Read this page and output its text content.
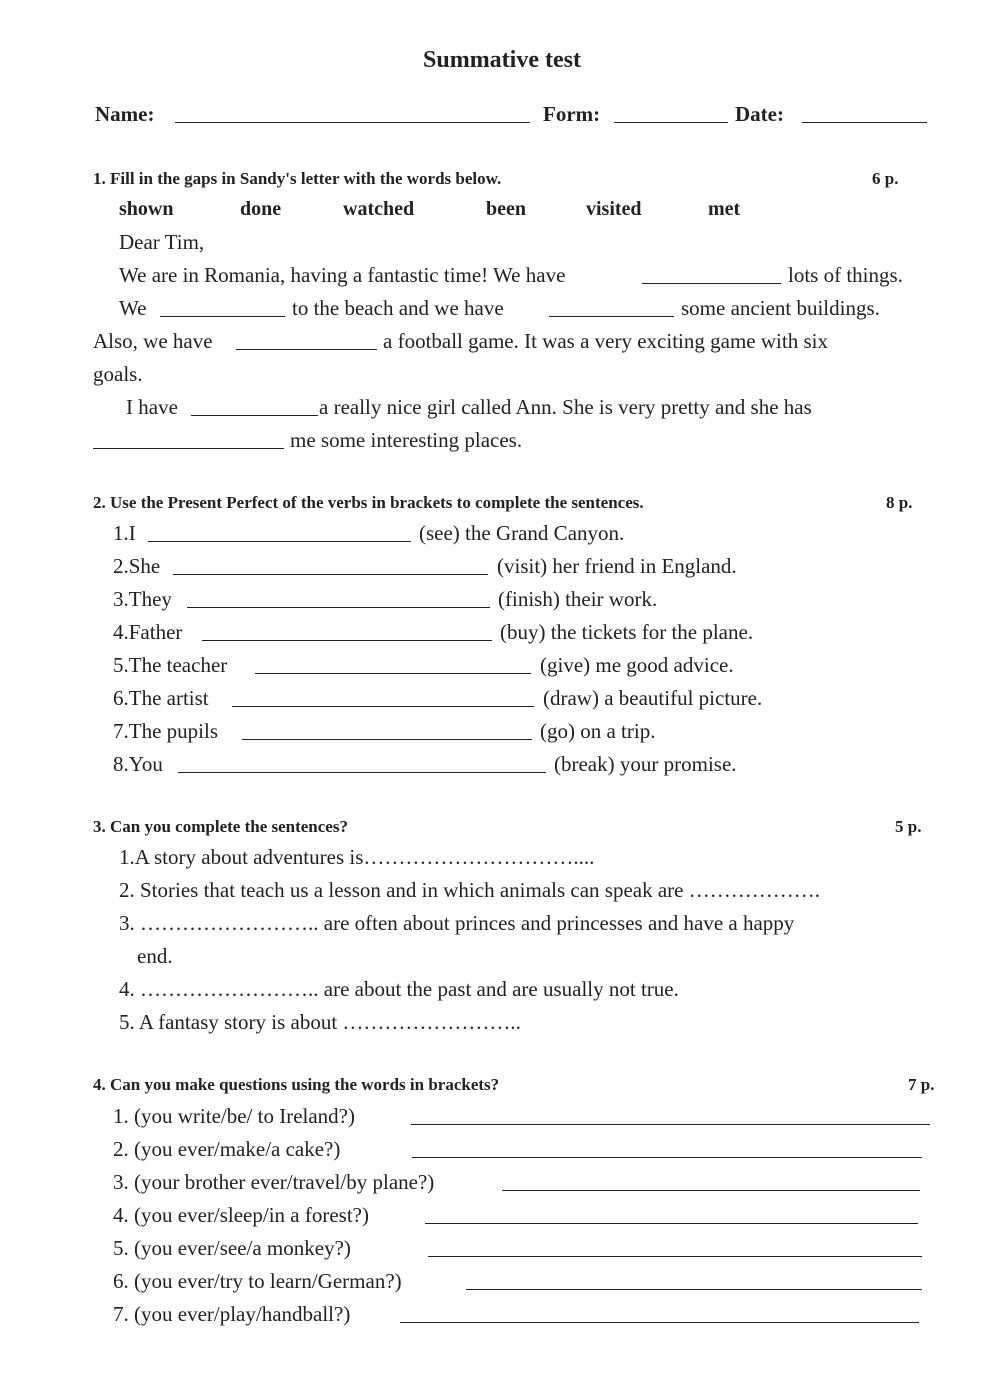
Summative test
Name:	Form:	Date:
1. Fill in the gaps in Sandy's letter with the words below.	6 p.
shown	done	watched	been	visited	met
Dear Tim,
We are in Romania, having a fantastic time! We have	lots of things.
We	to the beach and we have	some ancient buildings.
Also, we have	a football game. It was a very exciting game with six
goals.
I have	a really nice girl called Ann. She is very pretty and she has
me some interesting places.
2. Use the Present Perfect of the verbs in brackets to complete the sentences.	8 p.
1.I	(see) the Grand Canyon.
2.She	(visit) her friend in England.
3.They	(finish) their work.
4.Father	(buy) the tickets for the plane.
5.The teacher	(give) me good advice.
6.The artist	(draw) a beautiful picture.
7.The pupils	(go) on a trip.
8.You	(break) your promise.
3. Can you complete the sentences?	5 p.
1.A story about adventures is…………………………....
2. Stories that teach us a lesson and in which animals can speak are ……………….
3. …………………….. are often about princes and princesses and have a happy
end.
4. …………………….. are about the past and are usually not true.
5. A fantasy story is about ……………………..
4. Can you make questions using the words in brackets?	7 p.
1. (you write/be/ to Ireland?)
2. (you ever/make/a cake?)
3. (your brother ever/travel/by plane?)
4. (you ever/sleep/in a forest?)
5. (you ever/see/a monkey?)
6. (you ever/try to learn/German?)
7. (you ever/play/handball?)
